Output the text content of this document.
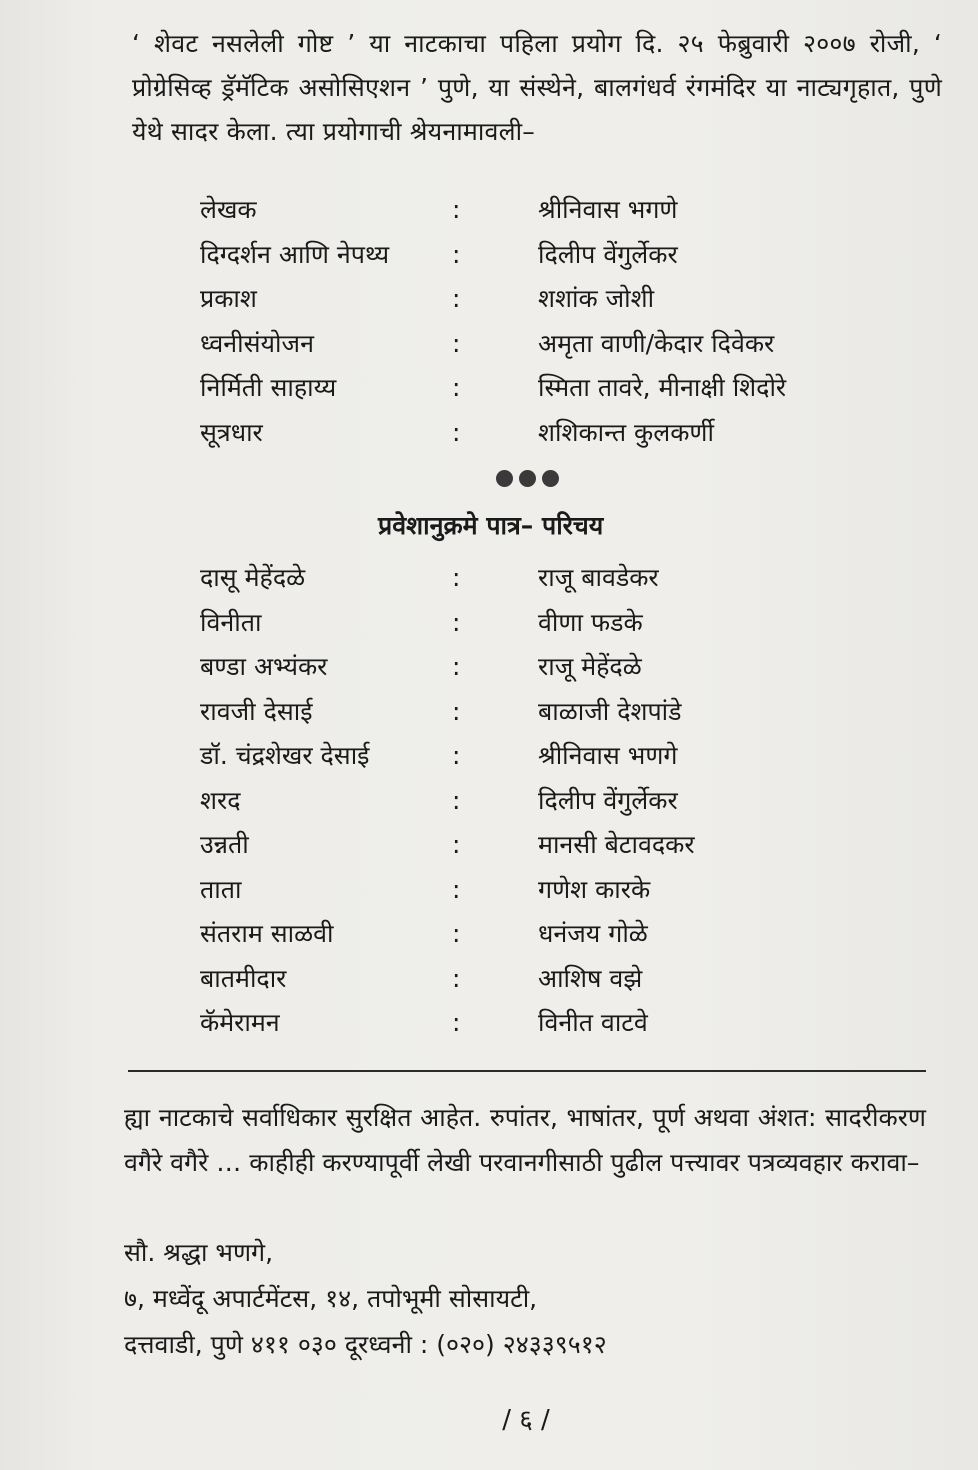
‘ शेवट नसलेली गोष्ट ’ या नाटकाचा पहिला प्रयोग दि. २५ फेब्रुवारी २००७ रोजी, ‘ प्रोग्रेसिव्ह ड्रॅमॅटिक असोसिएशन ’ पुणे, या संस्थेने, बालगंधर्व रंगमंदिर या नाट्यगृहात, पुणे येथे सादर केला. त्या प्रयोगाची श्रेयनामावली–

लेखक	:	श्रीनिवास भगणे
दिग्दर्शन आणि नेपथ्य	:	दिलीप वेंगुर्लेकर
प्रकाश	:	शशांक जोशी
ध्वनीसंयोजन	:	अमृता वाणी/केदार दिवेकर
निर्मिती साहाय्य	:	स्मिता तावरे, मीनाक्षी शिदोरे
सूत्रधार	:	शशिकान्त कुलकर्णी
प्रवेशानुक्रमे पात्र– परिचय
दासू मेहेंदळे	:	राजू बावडेकर
विनीता	:	वीणा फडके
बण्डा अभ्यंकर	:	राजू मेहेंदळे
रावजी देसाई	:	बाळाजी देशपांडे
डॉ. चंद्रशेखर देसाई	:	श्रीनिवास भणगे
शरद	:	दिलीप वेंगुर्लेकर
उन्नती	:	मानसी बेटावदकर
ताता	:	गणेश कारके
संतराम साळवी	:	धनंजय गोळे
बातमीदार	:	आशिष वझे
कॅमेरामन	:	विनीत वाटवे

ह्या नाटकाचे सर्वाधिकार सुरक्षित आहेत. रुपांतर, भाषांतर, पूर्ण अथवा अंशत: सादरीकरण वगैरे वगैरे … काहीही करण्यापूर्वी लेखी परवानगीसाठी पुढील पत्त्यावर पत्रव्यवहार करावा–

सौ. श्रद्धा भणगे,
७, मध्वेंदू अपार्टमेंटस, १४, तपोभूमी सोसायटी,
दत्तवाडी, पुणे ४११ ०३० दूरध्वनी : (०२०) २४३३९५१२
/ ६ /
